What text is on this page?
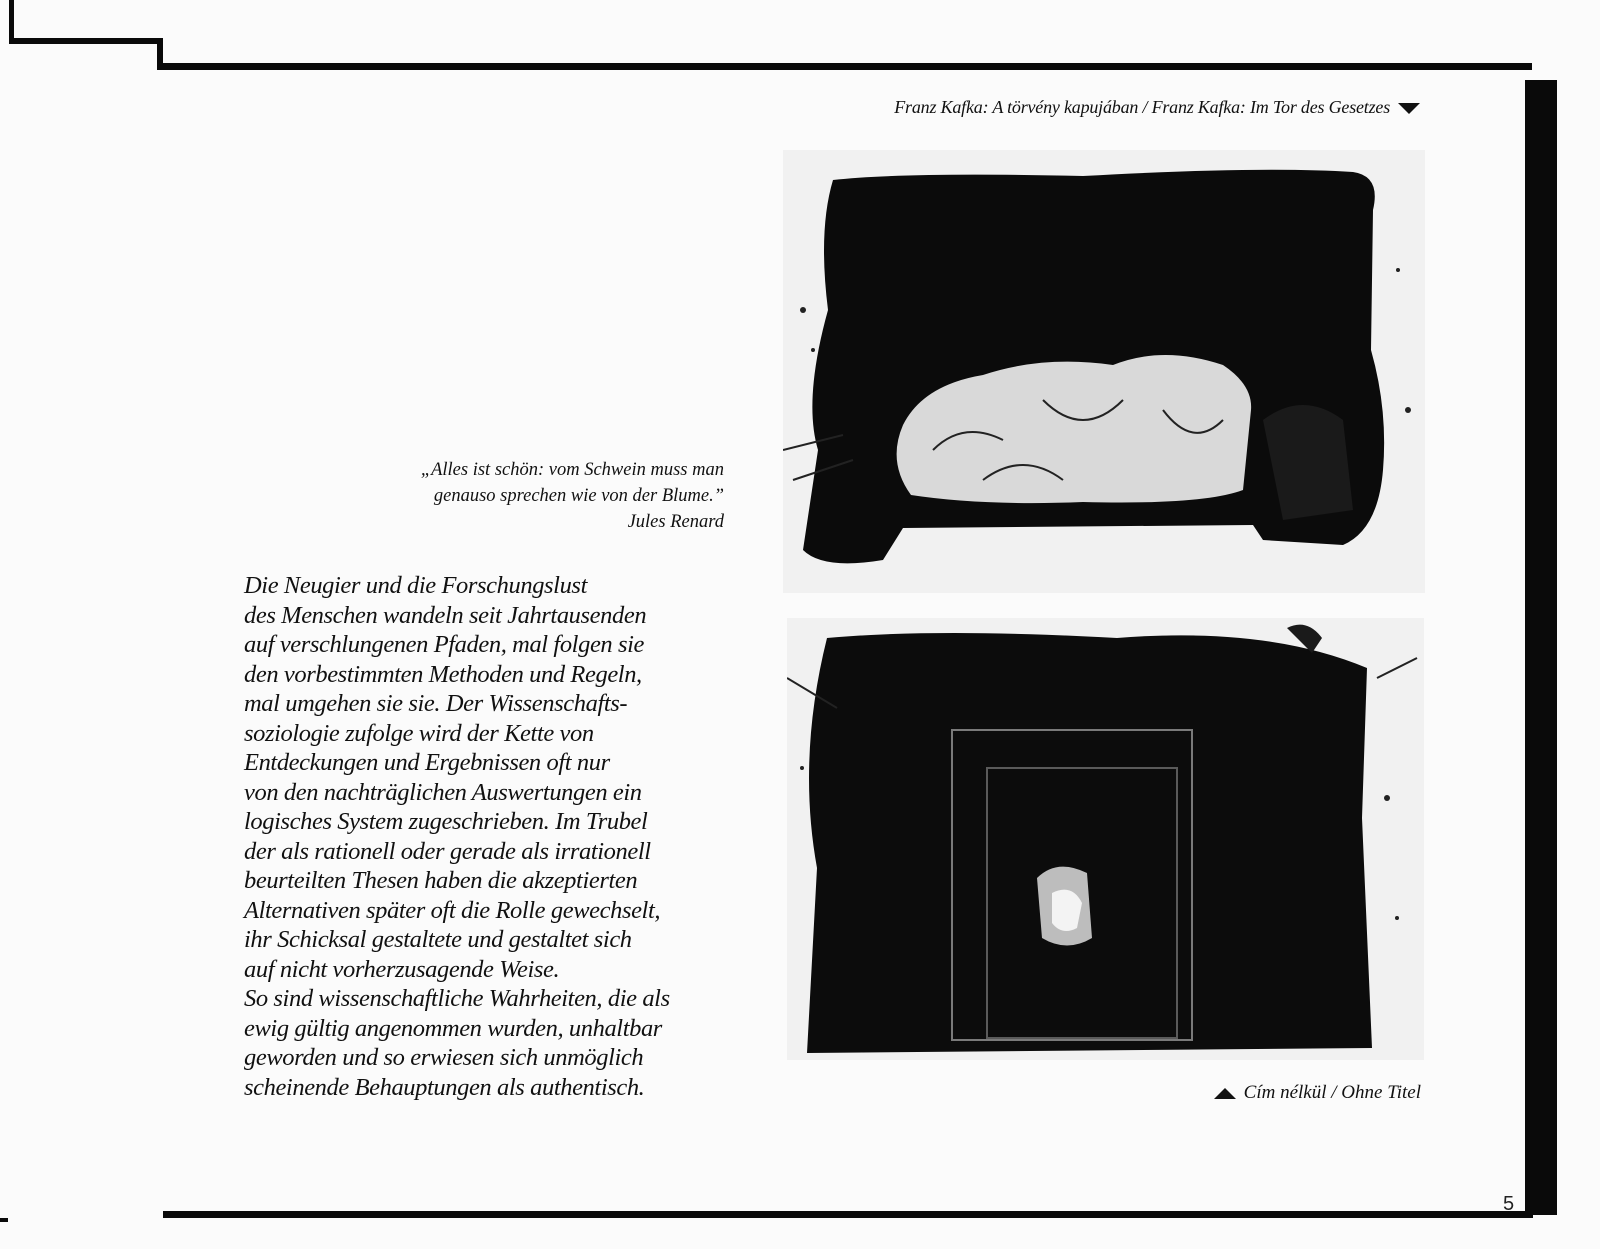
Franz Kafka: A törvény kapujában / Franz Kafka: Im Tor des Gesetzes

„Alles ist schön: vom Schwein muss man

genauso sprechen wie von der Blume.”

Jules Renard

Die Neugier und die Forschungslust

des Menschen wandeln seit Jahrtausenden

auf verschlungenen Pfaden, mal folgen sie

den vorbestimmten Methoden und Regeln,

mal umgehen sie sie. Der Wissenschafts-

soziologie zufolge wird der Kette von

Entdeckungen und Ergebnissen oft nur

von den nachträglichen Auswertungen ein

logisches System zugeschrieben. Im Trubel

der als rationell oder gerade als irrationell

beurteilten Thesen haben die akzeptierten

Alternativen später oft die Rolle gewechselt,

ihr Schicksal gestaltete und gestaltet sich

auf nicht vorherzusagende Weise.

So sind wissenschaftliche Wahrheiten, die als

ewig gültig angenommen wurden, unhaltbar

geworden und so erwiesen sich unmöglich

scheinende Behauptungen als authentisch.	Cím nélkül / Ohne Titel
5
